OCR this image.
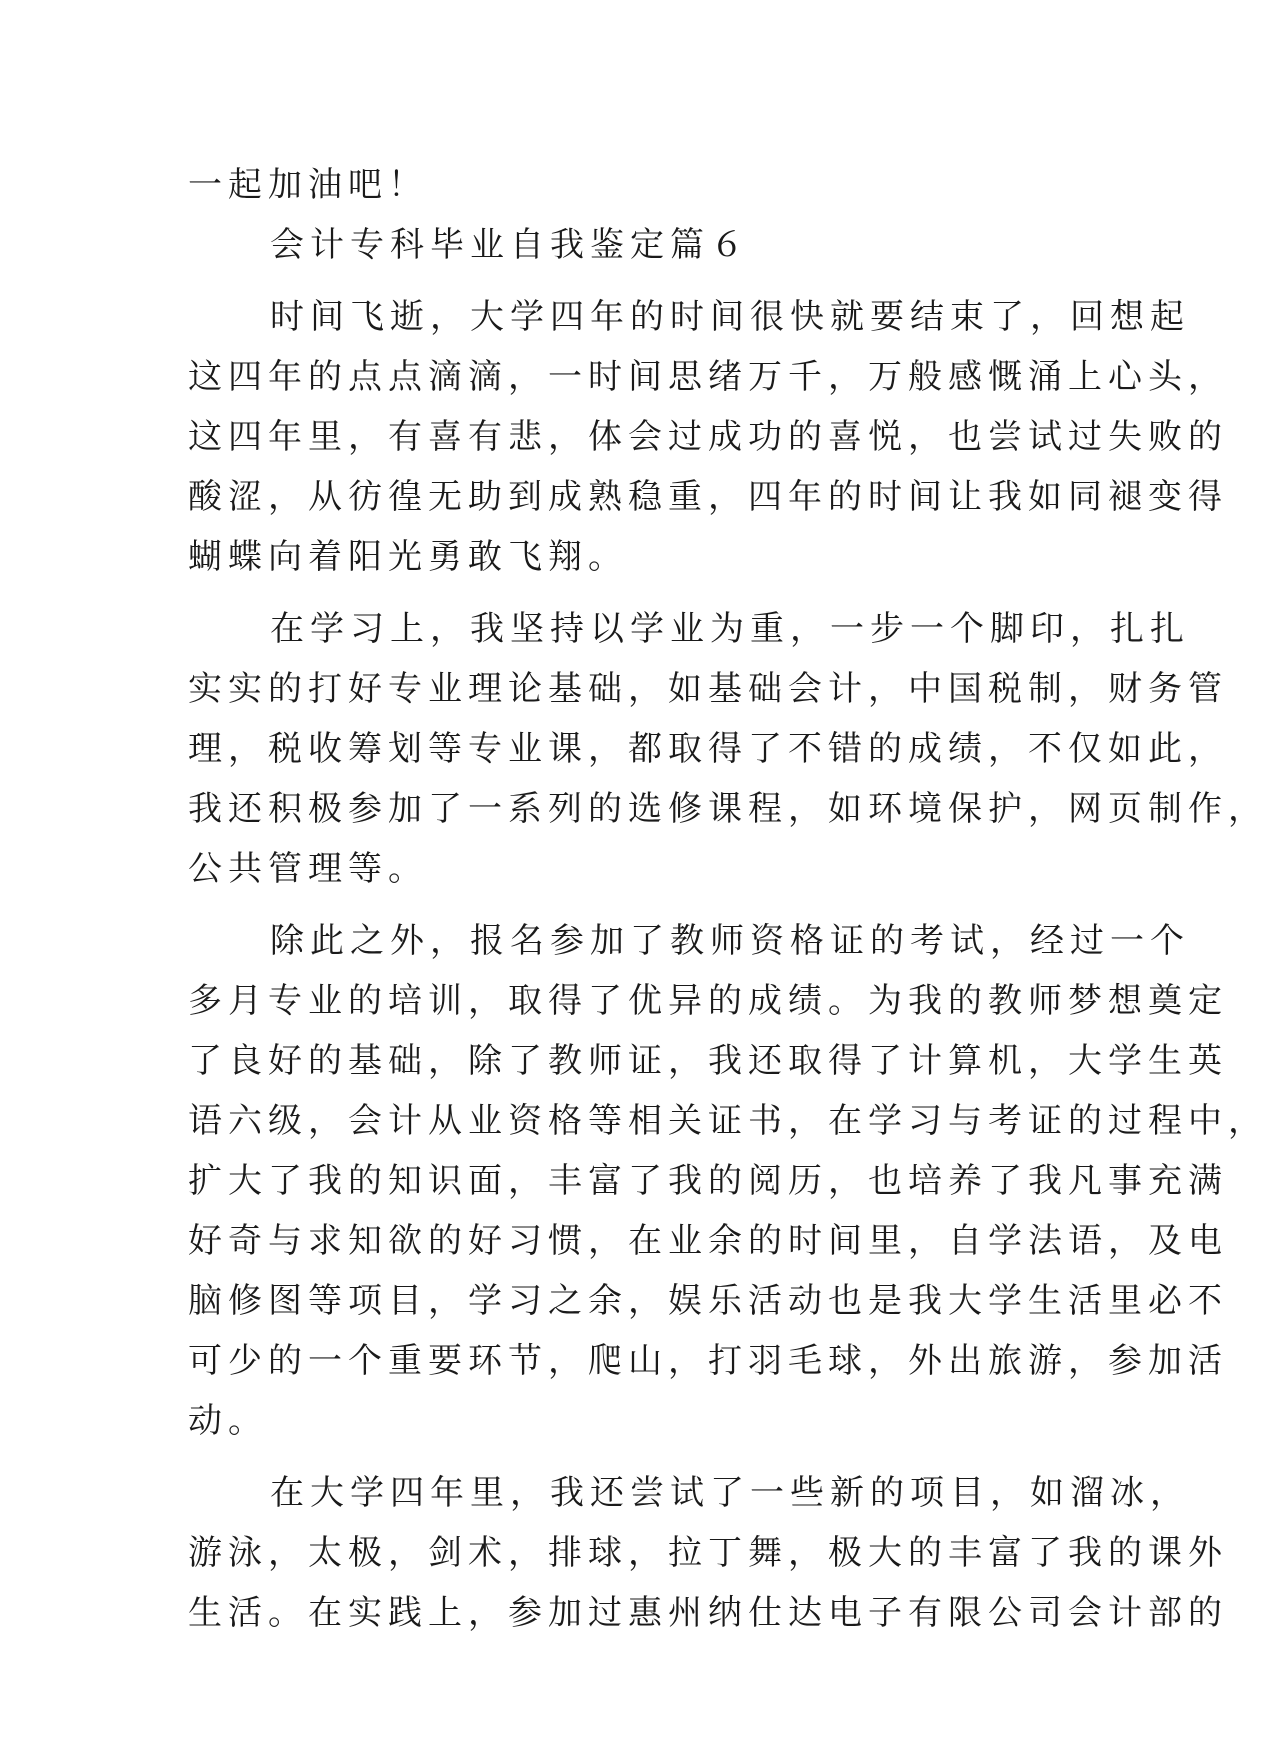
一起加油吧！
会计专科毕业自我鉴定篇６
时间飞逝，大学四年的时间很快就要结束了，回想起
这四年的点点滴滴，一时间思绪万千，万般感慨涌上心头，
这四年里，有喜有悲，体会过成功的喜悦，也尝试过失败的
酸涩，从彷徨无助到成熟稳重，四年的时间让我如同褪变得
蝴蝶向着阳光勇敢飞翔。
在学习上，我坚持以学业为重，一步一个脚印，扎扎
实实的打好专业理论基础，如基础会计，中国税制，财务管
理，税收筹划等专业课，都取得了不错的成绩，不仅如此，
我还积极参加了一系列的选修课程，如环境保护，网页制作，
公共管理等。
除此之外，报名参加了教师资格证的考试，经过一个
多月专业的培训，取得了优异的成绩。为我的教师梦想奠定
了良好的基础，除了教师证，我还取得了计算机，大学生英
语六级，会计从业资格等相关证书，在学习与考证的过程中，
扩大了我的知识面，丰富了我的阅历，也培养了我凡事充满
好奇与求知欲的好习惯，在业余的时间里，自学法语，及电
脑修图等项目，学习之余，娱乐活动也是我大学生活里必不
可少的一个重要环节，爬山，打羽毛球，外出旅游，参加活
动。
在大学四年里，我还尝试了一些新的项目，如溜冰，
游泳，太极，剑术，排球，拉丁舞，极大的丰富了我的课外
生活。在实践上，参加过惠州纳仕达电子有限公司会计部的
